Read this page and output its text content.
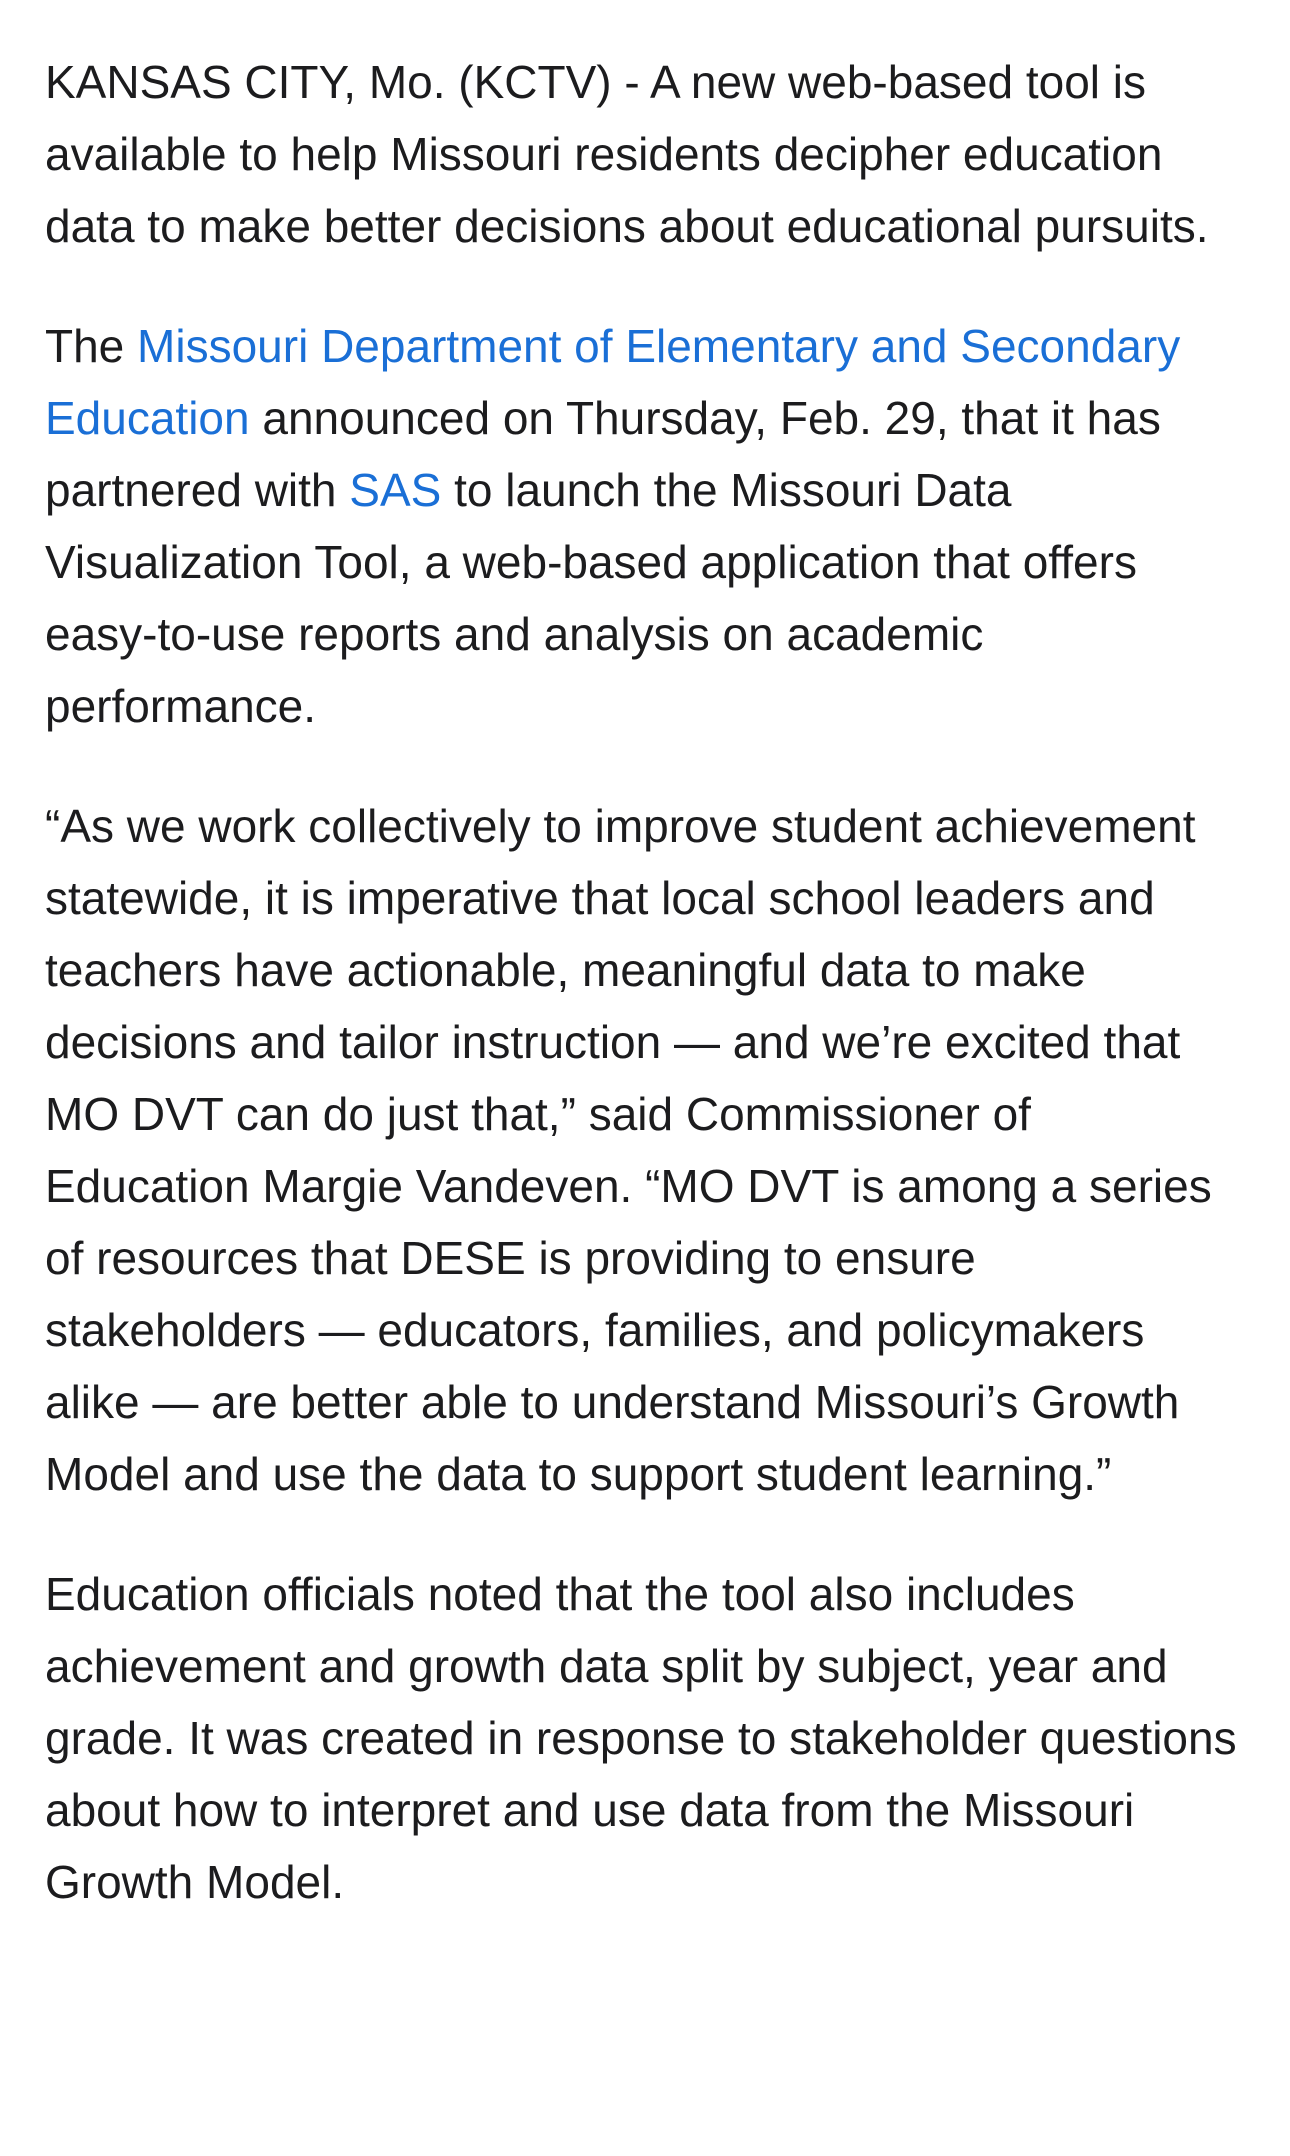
KANSAS CITY, Mo. (KCTV) - A new web-based tool is available to help Missouri residents decipher education data to make better decisions about educational pursuits.

The Missouri Department of Elementary and Secondary Education announced on Thursday, Feb. 29, that it has partnered with SAS to launch the Missouri Data Visualization Tool, a web-based application that offers easy-to-use reports and analysis on academic performance.

“As we work collectively to improve student achievement statewide, it is imperative that local school leaders and teachers have actionable, meaningful data to make decisions and tailor instruction — and we’re excited that MO DVT can do just that,” said Commissioner of Education Margie Vandeven. “MO DVT is among a series of resources that DESE is providing to ensure stakeholders — educators, families, and policymakers alike — are better able to understand Missouri’s Growth Model and use the data to support student learning.”

Education officials noted that the tool also includes achievement and growth data split by subject, year and grade. It was created in response to stakeholder questions about how to interpret and use data from the Missouri Growth Model.
